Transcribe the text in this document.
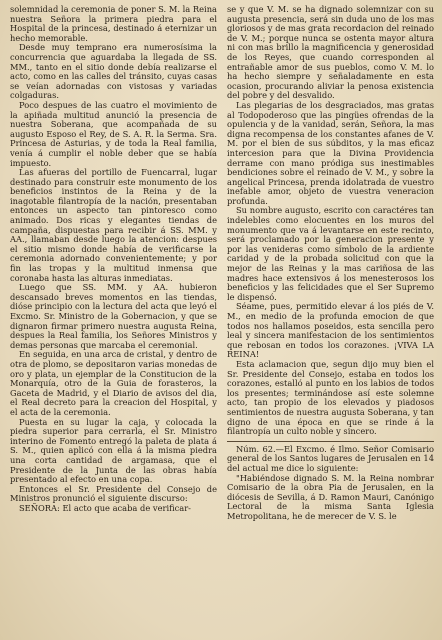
solemnidad la ceremonia de poner S. M. la Reina nuestra Señora la primera piedra para el Hospital de la princesa, destinado á eternizar un hecho memorable.

Desde muy temprano era numerosísima la concurrencia que aguardaba la llegada de SS. MM., tanto en el sitio donde debía realizarse el acto, como en las calles del tránsito, cuyas casas se veían adornadas con vistosas y variadas colgaduras.

Poco despues de las cuatro el movimiento de la apiñada multitud anunció la presencia de nuestra Soberana, que acompañada de su augusto Esposo el Rey, de S. A. R. la Serma. Sra. Princesa de Asturias, y de toda la Real familia, venía á cumplir el noble deber que se había impuesto.

Las afueras del portillo de Fuencarral, lugar destinado para construir este monumento de los beneficios instintos de la Reina y de la inagotable filantropía de la nación, presentaban entonces un aspecto tan pintoresco como animado. Dos ricas y elegantes tiendas de campaña, dispuestas para recibir á SS. MM. y AA., llamaban desde luego la atencion: despues el sitio mismo donde había de verificarse la ceremonia adornado convenientemente; y por fin las tropas y la multitud inmensa que coronaba hasta las alturas inmediatas.

Luego que SS. MM. y AA. hubieron descansado breves momentos en las tiendas, dióse principio con la lectura del acta que leyó el Excmo. Sr. Ministro de la Gobernacion, y que se dignaron firmar primero nuestra augusta Reina, despues la Real familia, los Señores Ministros y demas personas que marcaba el ceremonial.

En seguida, en una arca de cristal, y dentro de otra de plomo, se depositaron varias monedas de oro y plata, un ejemplar de la Constitucion de la Monarquía, otro de la Guia de forasteros, la Gaceta de Madrid, y el Diario de avisos del dia, el Real decreto para la creacion del Hospital, y el acta de la ceremonia.

Puesta en su lugar la caja, y colocada la piedra superior para cerrarla, el Sr. Ministro interino de Fomento entregó la paleta de plata á S. M., quien aplicó con ella á la misma piedra una corta cantidad de argamasa, que el Presidente de la Junta de las obras había presentado al efecto en una copa.

Entonces el Sr. Presidente del Consejo de Ministros pronunció el siguiente discurso:

SEÑORA: El acto que acaba de verificar-

se y que V. M. se ha dignado solemnizar con su augusta presencia, será sin duda uno de los mas gloriosos y de mas grata recordacion del reinado de V. M.; porque nunca se ostenta mayor altura ni con mas brillo la magnificencia y generosidad de los Reyes, que cuando corresponden al entrañable amor de sus pueblos, como V. M. lo ha hecho siempre y señaladamente en esta ocasion, procurando aliviar la penosa existencia del pobre y del desvalido.

Las plegarias de los desgraciados, mas gratas al Todopoderoso que las pingües ofrendas de la opulencia y de la vanidad, serán, Señora, la mas digna recompensa de los constantes afanes de V. M. por el bien de sus súbditos, y la mas eficaz intercesion para que la Divina Providencia derrame con mano pródiga sus inestimables bendiciones sobre el reinado de V. M., y sobre la angelical Princesa, prenda idolatrada de vuestro inefable amor, objeto de vuestra veneracion profunda.

Su nombre augusto, escrito con caractéres tan indelebles como elocuentes en los muros del monumento que va á levantarse en este recinto, será proclamado por la generacion presente y por las venideras como símbolo de la ardiente caridad y de la probada solicitud con que la mejor de las Reinas y la mas cariñosa de las madres hace extensivos á los menesterosos los beneficios y las felicidades que el Ser Supremo le dispensó.

Séame, pues, permitido elevar á los piés de V. M., en medio de la profunda emocion de que todos nos hallamos poseidos, esta sencilla pero leal y sincera manifestacion de los sentimientos que rebosan en todos los corazones. ¡VIVA LA REINA!

Esta aclamacion que, segun dijo muy bien el Sr. Presidente del Consejo, estaba en todos los corazones, estalló al punto en los labios de todos los presentes; terminándose así este solemne acto, tan propio de los elevados y piadosos sentimientos de nuestra augusta Soberana, y tan digno de una época en que se rinde á la filantropía un culto noble y sincero.

Núm. 62.—El Excmo. é Ilmo. Señor Comisario general de los Santos lugares de Jerusalen en 14 del actual me dice lo siguiente:

"Habiéndose dignado S. M. la Reina nombrar Comisario de la obra Pia de Jerusalen, en la diócesis de Sevilla, á D. Ramon Mauri, Canónigo Lectoral de la misma Santa Iglesia Metropolitana, he de merecer de V. S. le
